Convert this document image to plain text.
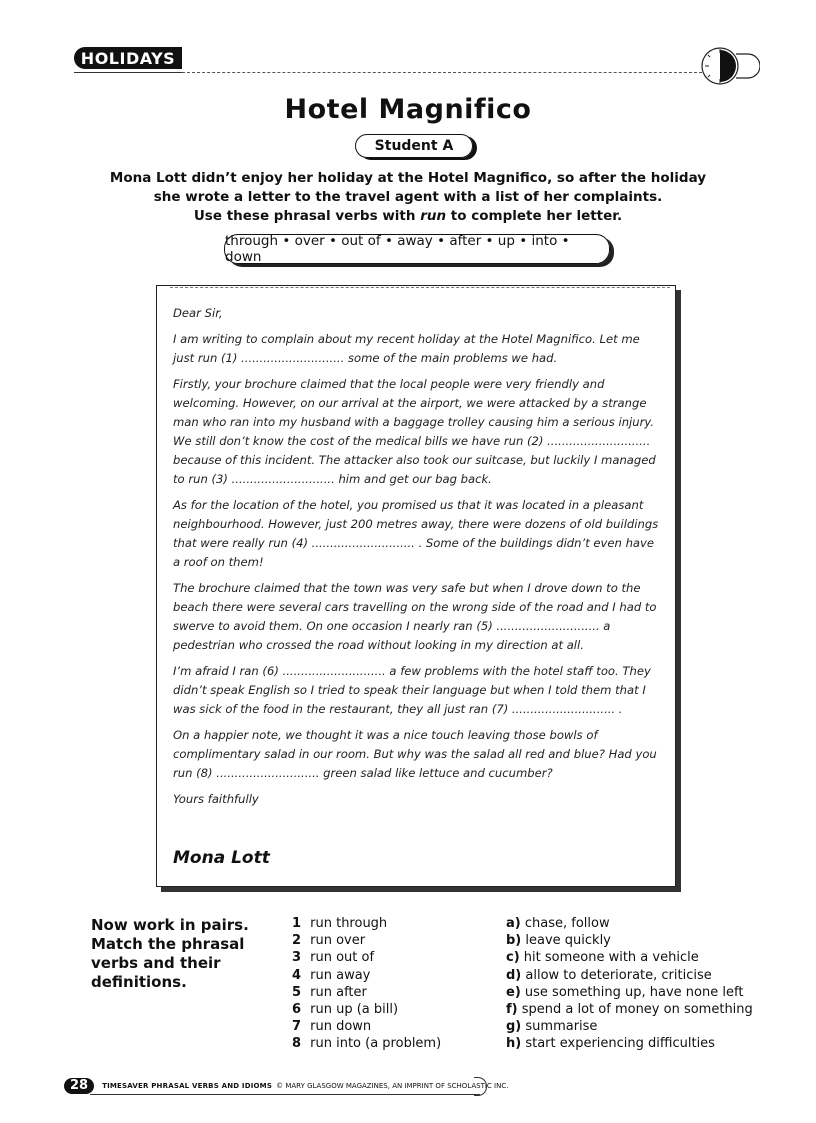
HOLIDAYS
Hotel Magnifico
Student A

Mona Lott didn’t enjoy her holiday at the Hotel Magnifico, so after the holiday

she wrote a letter to the travel agent with a list of her complaints.

Use these phrasal verbs with run to complete her letter.

through • over • out of • away • after • up • into • down

Dear Sir,

I am writing to complain about my recent holiday at the Hotel Magnifico. Let me just run (1) ............................ some of the main problems we had.

Firstly, your brochure claimed that the local people were very friendly and welcoming. However, on our arrival at the airport, we were attacked by a strange man who ran into my husband with a baggage trolley causing him a serious injury. We still don’t know the cost of the medical bills we have run (2) ............................ because of this incident. The attacker also took our suitcase, but luckily I managed to run (3) ............................ him and get our bag back.

As for the location of the hotel, you promised us that it was located in a pleasant neighbourhood. However, just 200 metres away, there were dozens of old buildings that were really run (4) ............................ . Some of the buildings didn’t even have a roof on them!

The brochure claimed that the town was very safe but when I drove down to the beach there were several cars travelling on the wrong side of the road and I had to swerve to avoid them. On one occasion I nearly ran (5) ............................ a pedestrian who crossed the road without looking in my direction at all.

I’m afraid I ran (6) ............................ a few problems with the hotel staff too. They didn’t speak English so I tried to speak their language but when I told them that I was sick of the food in the restaurant, they all just ran (7) ............................ .

On a happier note, we thought it was a nice touch leaving those bowls of complimentary salad in our room. But why was the salad all red and blue? Had you run (8) ............................ green salad like lettuce and cucumber?

Yours faithfully

Mona Lott
Now work in pairs. Match the phrasal verbs and their definitions.
1 run through
2 run over
3 run out of
4 run away
5 run after
6 run up (a bill)
7 run down
8 run into (a problem)
a) chase, follow
b) leave quickly
c) hit someone with a vehicle
d) allow to deteriorate, criticise
e) use something up, have none left
f) spend a lot of money on something
g) summarise
h) start experiencing difficulties
28	TIMESAVER PHRASAL VERBS AND IDIOMS © MARY GLASGOW MAGAZINES, AN IMPRINT OF SCHOLASTIC INC.
